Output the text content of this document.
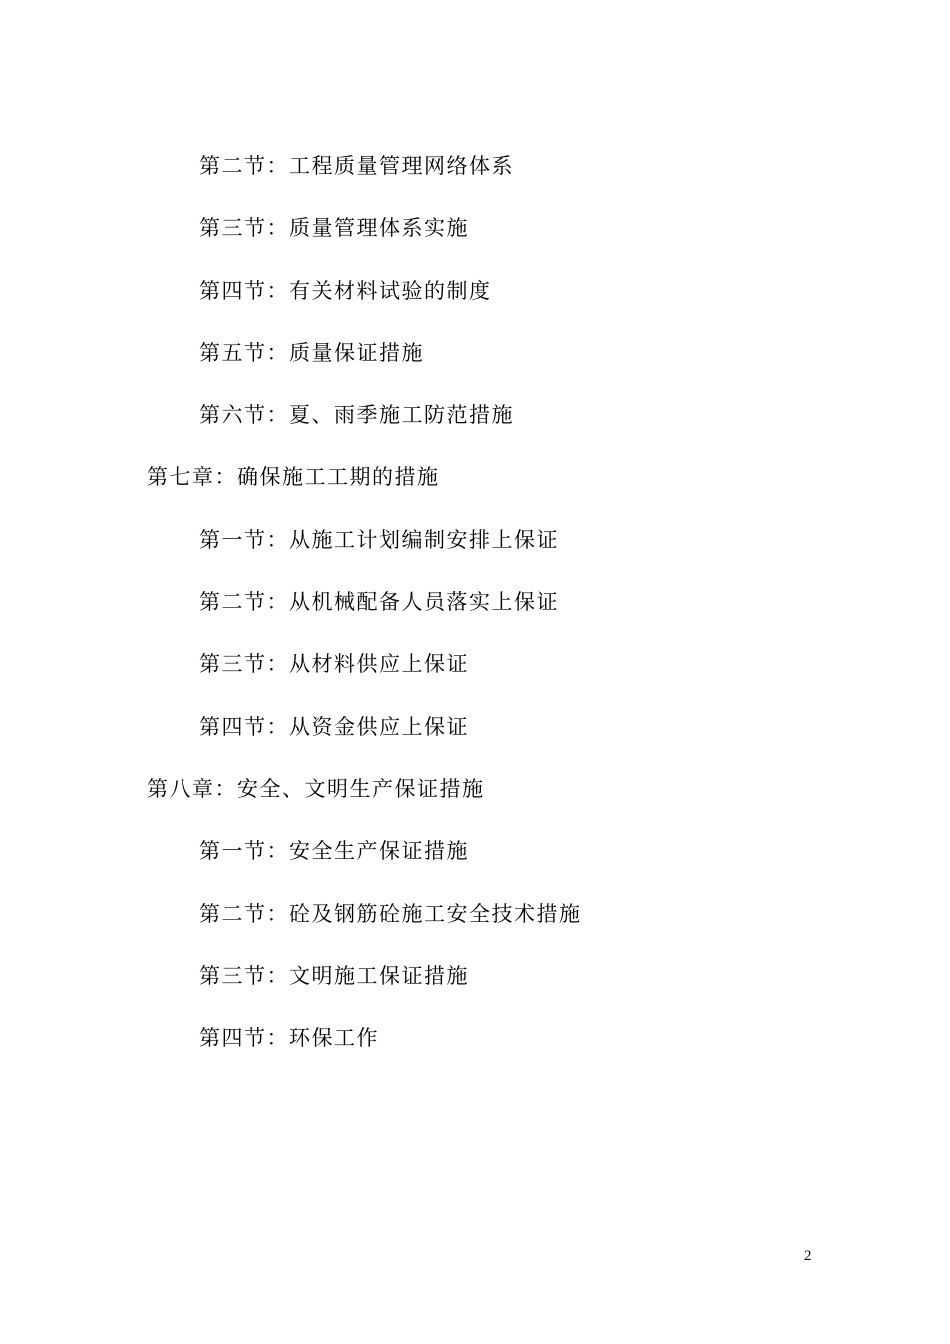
第二节：工程质量管理网络体系
第三节：质量管理体系实施
第四节：有关材料试验的制度
第五节：质量保证措施
第六节：夏、雨季施工防范措施
第七章：确保施工工期的措施
第一节：从施工计划编制安排上保证
第二节：从机械配备人员落实上保证
第三节：从材料供应上保证
第四节：从资金供应上保证
第八章：安全、文明生产保证措施
第一节：安全生产保证措施
第二节：砼及钢筋砼施工安全技术措施
第三节：文明施工保证措施
第四节：环保工作
2
